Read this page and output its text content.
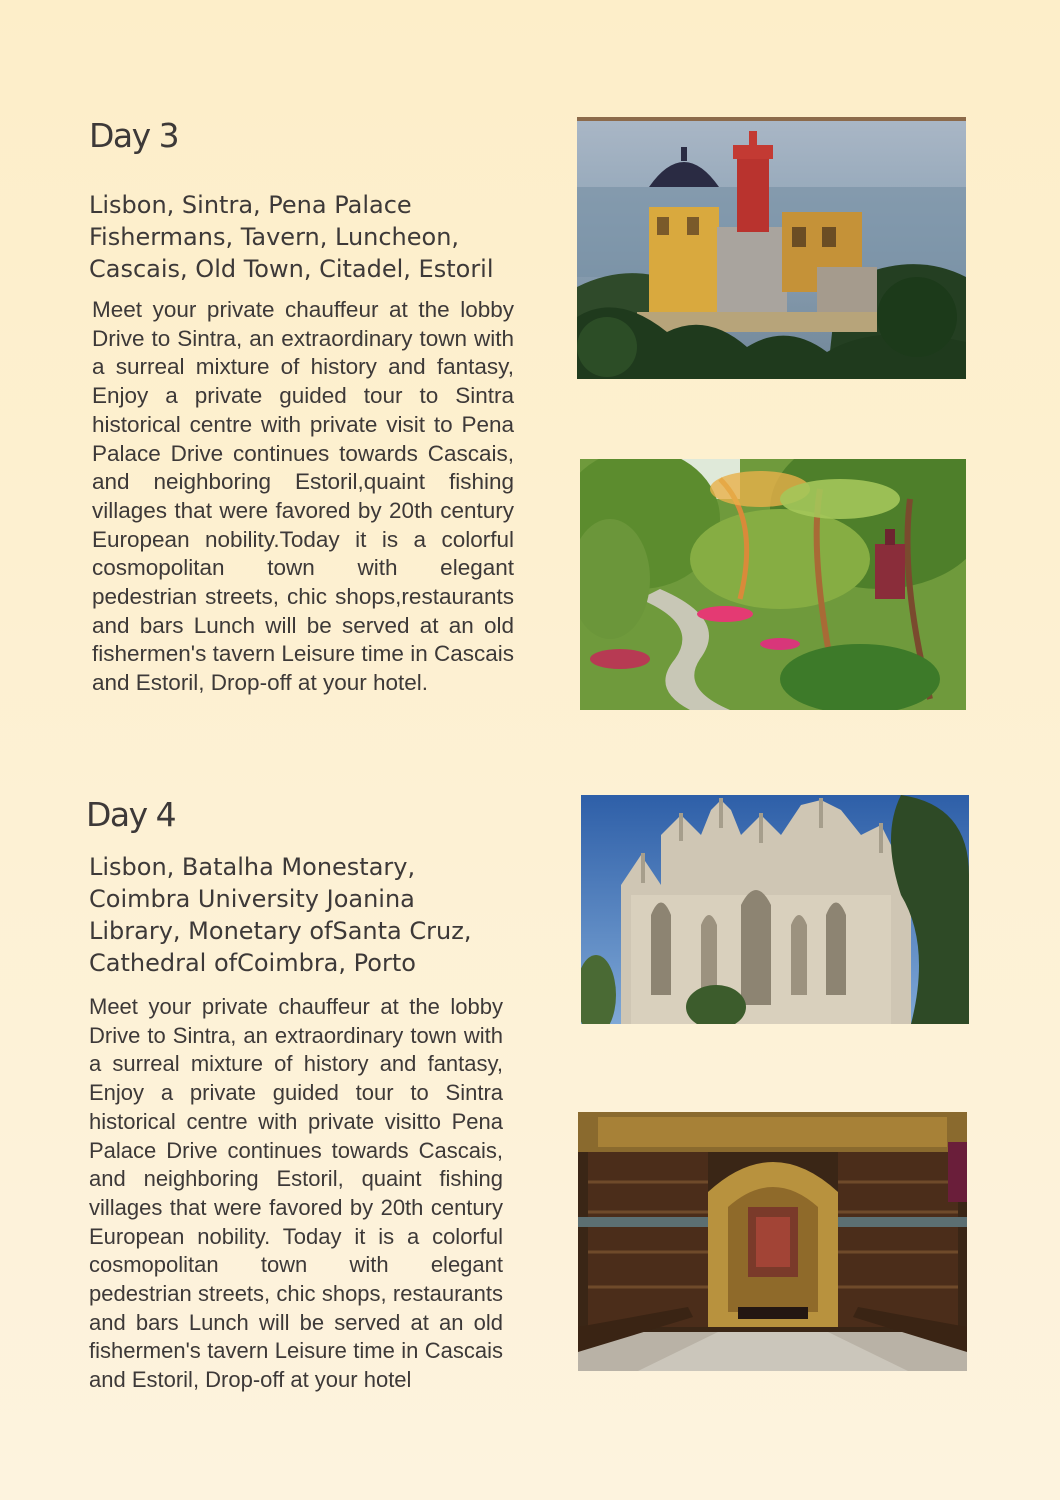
Day 3
Lisbon, Sintra, Pena Palace
Fishermans, Tavern, Luncheon,
Cascais, Old Town, Citadel, Estoril

Meet your private chauffeur at the lobby Drive to Sintra, an extraordinary town with a surreal mixture of history and fantasy, Enjoy a private guided tour to Sintra historical centre with private visit to Pena Palace Drive continues towards Cascais, and neighboring Estoril,quaint fishing villages that were favored by 20th century European nobility.Today it is a colorful cosmopolitan town with elegant pedestrian streets, chic shops,restaurants and bars Lunch will be served at an old fishermen's tavern Leisure time in Cascais and Estoril, Drop-off at your hotel.

Day 4
Lisbon, Batalha Monestary,
Coimbra University Joanina
Library, Monetary ofSanta Cruz,
Cathedral ofCoimbra, Porto

Meet your private chauffeur at the lobby Drive to Sintra, an extraordinary town with a surreal mixture of history and fantasy, Enjoy a private guided tour to Sintra historical centre with private visitto Pena Palace Drive continues towards Cascais, and neighboring Estoril, quaint fishing villages that were favored by 20th century European nobility. Today it is a colorful cosmopolitan town with elegant pedestrian streets, chic shops, restaurants and bars Lunch will be served at an old fishermen's tavern Leisure time in Cascais and Estoril, Drop-off at your hotel
